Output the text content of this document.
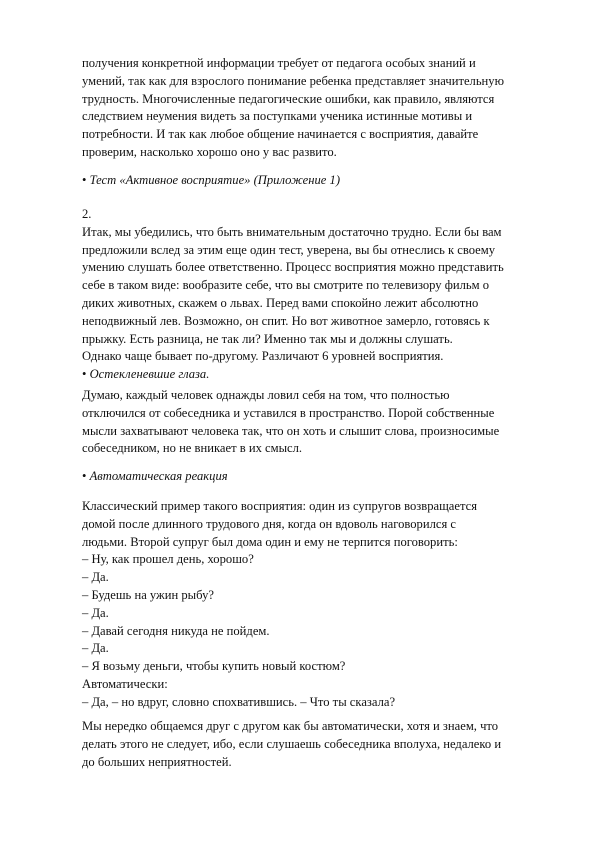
получения конкретной информации требует от педагога особых знаний и
умений, так как для взрослого понимание ребенка представляет значительную
трудность. Многочисленные педагогические ошибки, как правило, являются
следствием неумения видеть за поступками ученика истинные мотивы и
потребности. И так как любое общение начинается с восприятия, давайте
проверим, насколько хорошо оно у вас развито.
• Тест «Активное восприятие» (Приложение 1)
2.
Итак, мы убедились, что быть внимательным достаточно трудно. Если бы вам
предложили вслед за этим еще один тест, уверена, вы бы отнеслись к своему
умению слушать более ответственно. Процесс восприятия можно представить
себе в таком виде: вообразите себе, что вы смотрите по телевизору фильм о
диких животных, скажем о львах. Перед вами спокойно лежит абсолютно
неподвижный лев. Возможно, он спит. Но вот животное замерло, готовясь к
прыжку. Есть разница, не так ли? Именно так мы и должны слушать.
Однако чаще бывает по-другому. Различают 6 уровней восприятия.
• Остекленевшие глаза.
Думаю, каждый человек однажды ловил себя на том, что полностью
отключился от собеседника и уставился в пространство. Порой собственные
мысли захватывают человека так, что он хоть и слышит слова, произносимые
собеседником, но не вникает в их смысл.
• Автоматическая реакция
Классический пример такого восприятия: один из супругов возвращается
домой после длинного трудового дня, когда он вдоволь наговорился с
людьми. Второй супруг был дома один и ему не терпится поговорить:
– Ну, как прошел день, хорошо?
– Да.
– Будешь на ужин рыбу?
– Да.
– Давай сегодня никуда не пойдем.
– Да.
– Я возьму деньги, чтобы купить новый костюм?
Автоматически:
– Да, – но вдруг, словно спохватившись. – Что ты сказала?
Мы нередко общаемся друг с другом как бы автоматически, хотя и знаем, что
делать этого не следует, ибо, если слушаешь собеседника вполуха, недалеко и
до больших неприятностей.
